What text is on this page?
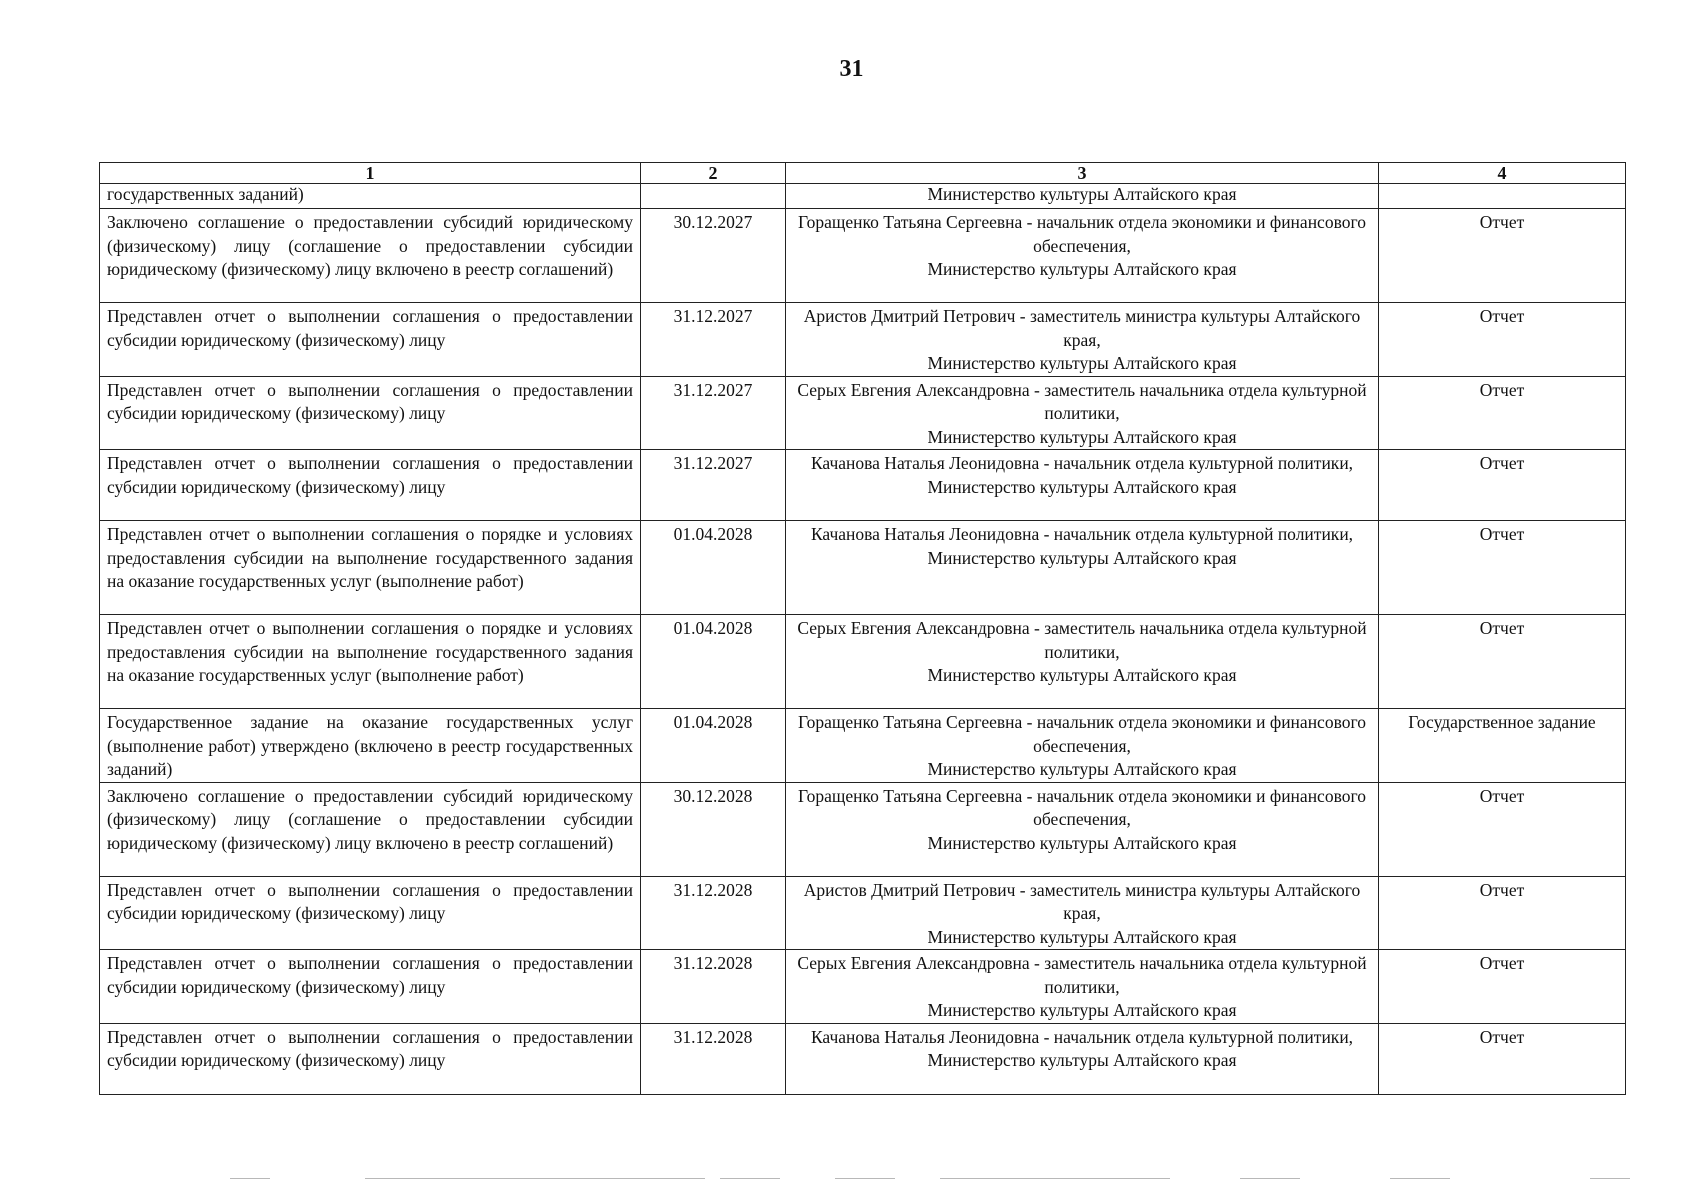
31
1	2	3	4
государственных заданий)		Министерство культуры Алтайского края	

Заключено соглашение о предоставлении субсидий юридическому (физическому) лицу (соглашение о предоставлении субсидии юридическому (физическому) лицу включено в реестр соглашений)	30.12.2027	Горащенко Татьяна Сергеевна - начальник отдела экономики и финансового обеспечения,
Министерство культуры Алтайского края	Отчет
Представлен отчет о выполнении соглашения о предоставлении субсидии юридическому (физическому) лицу	31.12.2027	Аристов Дмитрий Петрович - заместитель министра культуры Алтайского края,
Министерство культуры Алтайского края	Отчет
Представлен отчет о выполнении соглашения о предоставлении субсидии юридическому (физическому) лицу	31.12.2027	Серых Евгения Александровна - заместитель начальника отдела культурной политики,
Министерство культуры Алтайского края	Отчет
Представлен отчет о выполнении соглашения о предоставлении субсидии юридическому (физическому) лицу	31.12.2027	Качанова Наталья Леонидовна - начальник отдела культурной политики,
Министерство культуры Алтайского края	Отчет
Представлен отчет о выполнении соглашения о порядке и условиях предоставления субсидии на выполнение государственного задания на оказание государственных услуг (выполнение работ)	01.04.2028	Качанова Наталья Леонидовна - начальник отдела культурной политики,
Министерство культуры Алтайского края	Отчет
Представлен отчет о выполнении соглашения о порядке и условиях предоставления субсидии на выполнение государственного задания на оказание государственных услуг (выполнение работ)	01.04.2028	Серых Евгения Александровна - заместитель начальника отдела культурной политики,
Министерство культуры Алтайского края	Отчет
Государственное задание на оказание государственных услуг (выполнение работ) утверждено (включено в реестр государственных заданий)	01.04.2028	Горащенко Татьяна Сергеевна - начальник отдела экономики и финансового обеспечения,
Министерство культуры Алтайского края	Государственное задание
Заключено соглашение о предоставлении субсидий юридическому (физическому) лицу (соглашение о предоставлении субсидии юридическому (физическому) лицу включено в реестр соглашений)	30.12.2028	Горащенко Татьяна Сергеевна - начальник отдела экономики и финансового обеспечения,
Министерство культуры Алтайского края	Отчет
Представлен отчет о выполнении соглашения о предоставлении субсидии юридическому (физическому) лицу	31.12.2028	Аристов Дмитрий Петрович - заместитель министра культуры Алтайского края,
Министерство культуры Алтайского края	Отчет
Представлен отчет о выполнении соглашения о предоставлении субсидии юридическому (физическому) лицу	31.12.2028	Серых Евгения Александровна - заместитель начальника отдела культурной политики,
Министерство культуры Алтайского края	Отчет
Представлен отчет о выполнении соглашения о предоставлении субсидии юридическому (физическому) лицу	31.12.2028	Качанова Наталья Леонидовна - начальник отдела культурной политики,
Министерство культуры Алтайского края	Отчет
